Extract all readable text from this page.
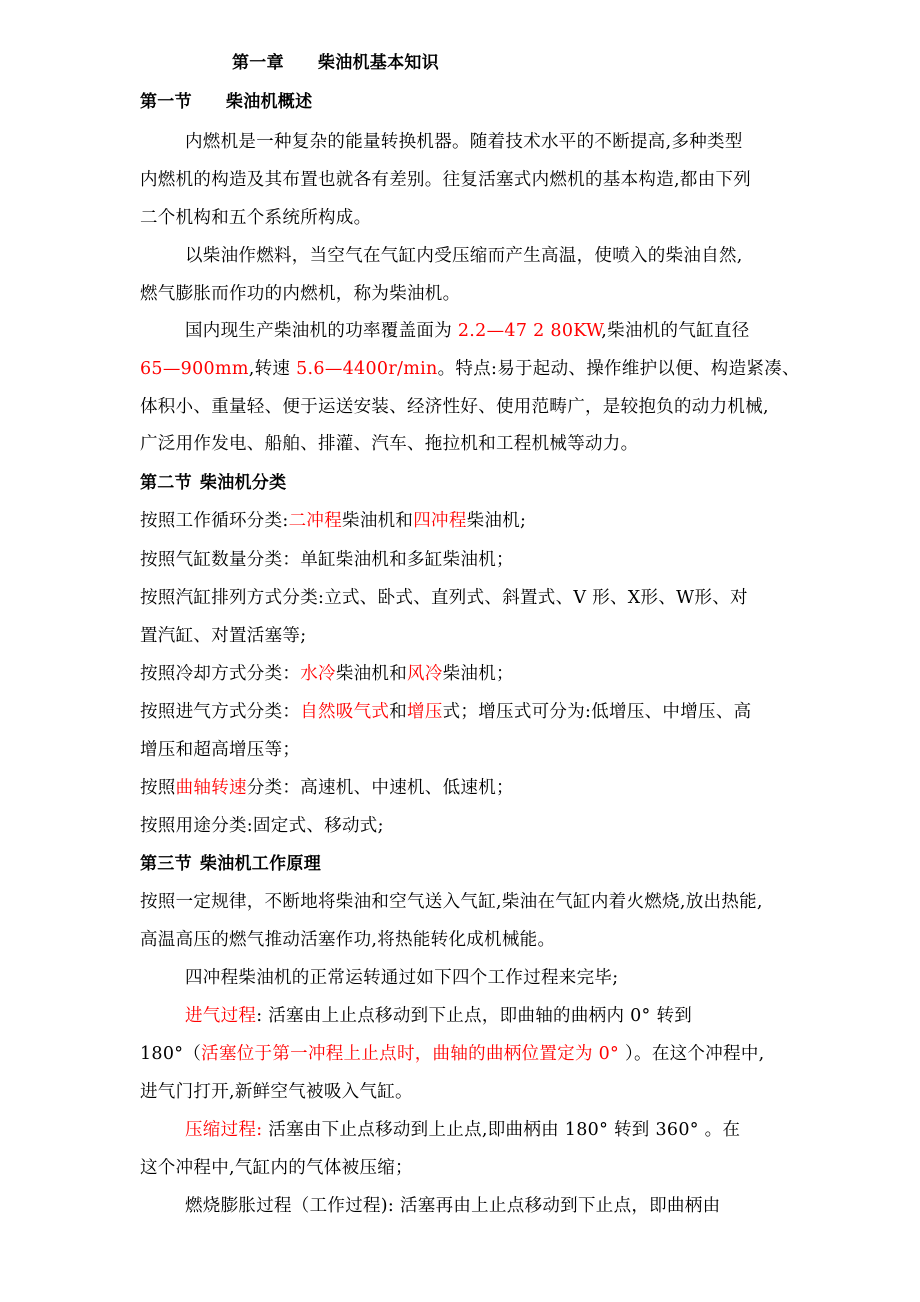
第一章 柴油机基本知识
第一节 柴油机概述
内燃机是一种复杂的能量转换机器。随着技术水平的不断提高,多种类型
内燃机的构造及其布置也就各有差别。往复活塞式内燃机的基本构造,都由下列
二个机构和五个系统所构成。
以柴油作燃料，当空气在气缸内受压缩而产生高温，使喷入的柴油自然,
燃气膨胀而作功的内燃机，称为柴油机。
国内现生产柴油机的功率覆盖面为 2.2—47 2 80KW,柴油机的气缸直径
65—900mm,转速 5.6—4400r/min。特点:易于起动、操作维护以便、构造紧凑、
体积小、重量轻、便于运送安装、经济性好、使用范畴广，是较抱负的动力机械,
广泛用作发电、船舶、排灌、汽车、拖拉机和工程机械等动力。
第二节 柴油机分类
按照工作循环分类:二冲程柴油机和四冲程柴油机;
按照气缸数量分类：单缸柴油机和多缸柴油机；
按照汽缸排列方式分类:立式、卧式、直列式、斜置式、V 形、X形、W形、对
置汽缸、对置活塞等;
按照冷却方式分类：水冷柴油机和风冷柴油机；
按照进气方式分类：自然吸气式和增压式；增压式可分为:低增压、中增压、高
增压和超高增压等；
按照曲轴转速分类：高速机、中速机、低速机；
按照用途分类:固定式、移动式;
第三节 柴油机工作原理
按照一定规律，不断地将柴油和空气送入气缸,柴油在气缸内着火燃烧,放出热能,
高温高压的燃气推动活塞作功,将热能转化成机械能。
四冲程柴油机的正常运转通过如下四个工作过程来完毕;
进气过程: 活塞由上止点移动到下止点，即曲轴的曲柄内 0° 转到
180°（活塞位于第一冲程上止点时，曲轴的曲柄位置定为 0° ）。在这个冲程中,
进气门打开,新鲜空气被吸入气缸。
压缩过程: 活塞由下止点移动到上止点,即曲柄由 180° 转到 360° 。在
这个冲程中,气缸内的气体被压缩；
燃烧膨胀过程（工作过程): 活塞再由上止点移动到下止点，即曲柄由
